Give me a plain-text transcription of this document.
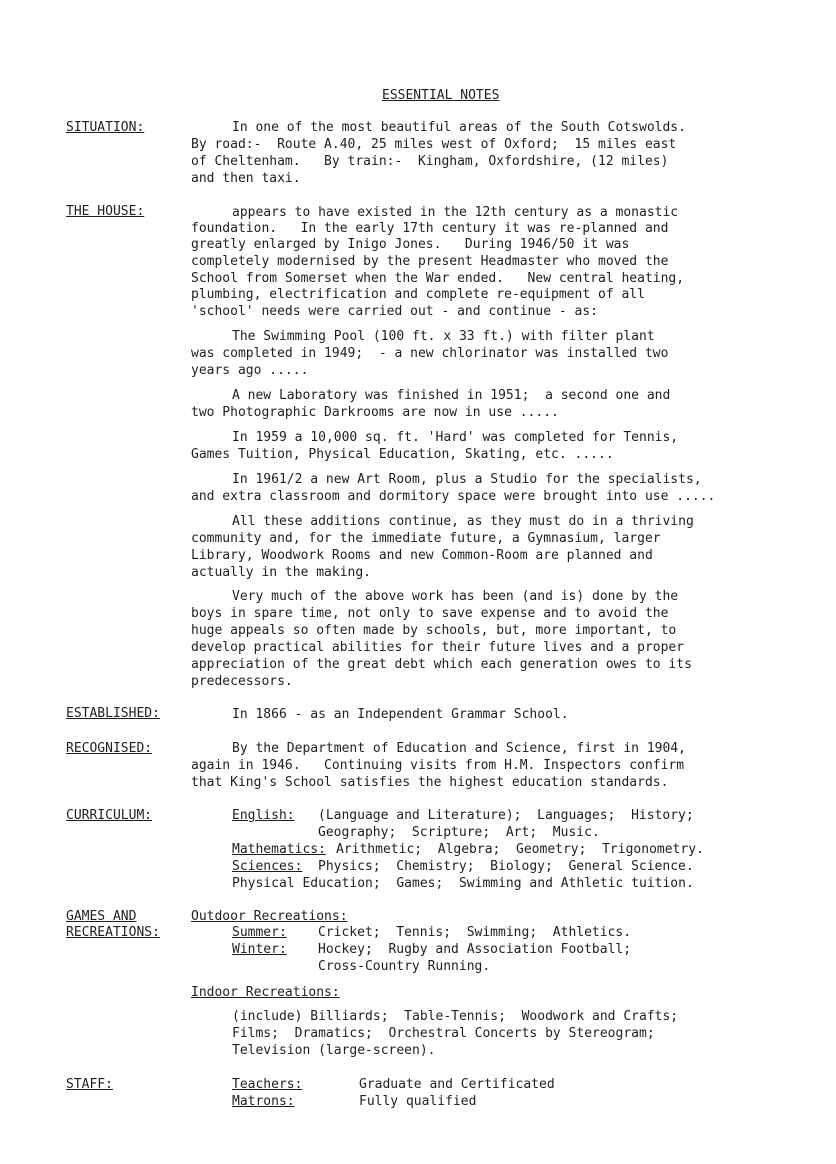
ESSENTIAL NOTES
SITUATION:	In one of the most beautiful areas of the South Cotswolds.
By road:-  Route A.40, 25 miles west of Oxford;  15 miles east
of Cheltenham.   By train:-  Kingham, Oxfordshire, (12 miles)
and then taxi.
THE HOUSE:	appears to have existed in the 12th century as a monastic
foundation.   In the early 17th century it was re-planned and
greatly enlarged by Inigo Jones.   During 1946/50 it was
completely modernised by the present Headmaster who moved the
School from Somerset when the War ended.   New central heating,
plumbing, electrification and complete re-equipment of all
'school' needs were carried out - and continue - as:
The Swimming Pool (100 ft. x 33 ft.) with filter plant
was completed in 1949;  - a new chlorinator was installed two
years ago .....
A new Laboratory was finished in 1951;  a second one and
two Photographic Darkrooms are now in use .....
In 1959 a 10,000 sq. ft. 'Hard' was completed for Tennis,
Games Tuition, Physical Education, Skating, etc. .....
In 1961/2 a new Art Room, plus a Studio for the specialists,
and extra classroom and dormitory space were brought into use .....
All these additions continue, as they must do in a thriving
community and, for the immediate future, a Gymnasium, larger
Library, Woodwork Rooms and new Common-Room are planned and
actually in the making.
Very much of the above work has been (and is) done by the
boys in spare time, not only to save expense and to avoid the
huge appeals so often made by schools, but, more important, to
develop practical abilities for their future lives and a proper
appreciation of the great debt which each generation owes to its
predecessors.
ESTABLISHED:	In 1866 - as an Independent Grammar School.
RECOGNISED:	By the Department of Education and Science, first in 1904,
again in 1946.   Continuing visits from H.M. Inspectors confirm
that King's School satisfies the highest education standards.
CURRICULUM:	English: (Language and Literature);  Languages;  History;
Geography;  Scripture;  Art;  Music.
Mathematics: Arithmetic;  Algebra;  Geometry;  Trigonometry.
Sciences: Physics;  Chemistry;  Biology;  General Science.
Physical Education;  Games;  Swimming and Athletic tuition.
GAMES AND
RECREATIONS:
Outdoor Recreations:
Summer: Cricket;  Tennis;  Swimming;  Athletics.
Winter: Hockey;  Rugby and Association Football;
Cross-Country Running.
Indoor Recreations:
(include) Billiards;  Table-Tennis;  Woodwork and Crafts;
Films;  Dramatics;  Orchestral Concerts by Stereogram;
Television (large-screen).
STAFF:	Teachers:	Graduate and Certificated
Matrons:	Fully qualified
